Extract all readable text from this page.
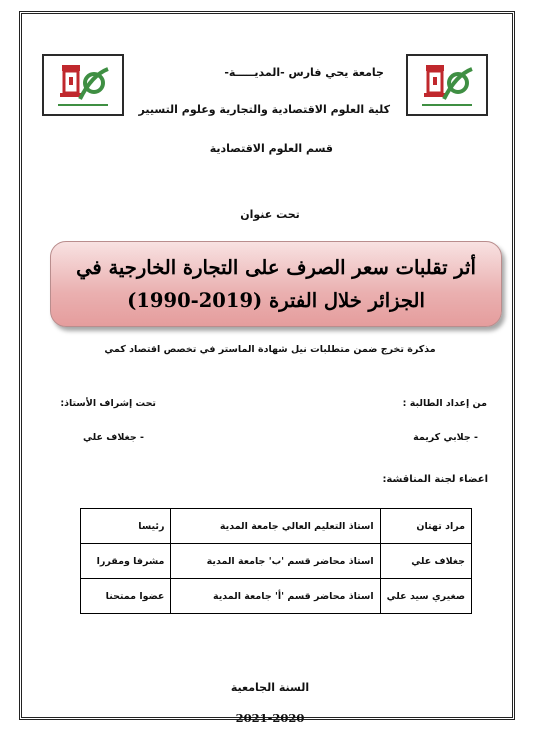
جامعة يحي فارس -المديـــــة-
كلية العلوم الاقتصادية والتجارية وعلوم التسيير
قسم العلوم الاقتصادية
تحت عنوان
أثر تقلبات سعر الصرف على التجارة الخارجية في
الجزائر خلال الفترة (2019-1990)
مذكرة تخرج ضمن متطلبات نيل شهادة الماستر في تخصص اقتصاد كمي
من إعداد الطالبة :
تحت إشراف الأستاذ:
- جلابي كريمة
- جغلاف علي
اعضاء لجنة المناقشة:
مراد تهتان	استاذ التعليم العالي جامعة المدية	رئيسا
جغلاف علي	استاذ محاضر قسم 'ب' جامعة المدية	مشرفا ومقررا
صغيري سيد علي	استاذ محاضر قسم 'أ' جامعة المدية	عضوا ممتحنا
السنة الجامعية
2021-2020
